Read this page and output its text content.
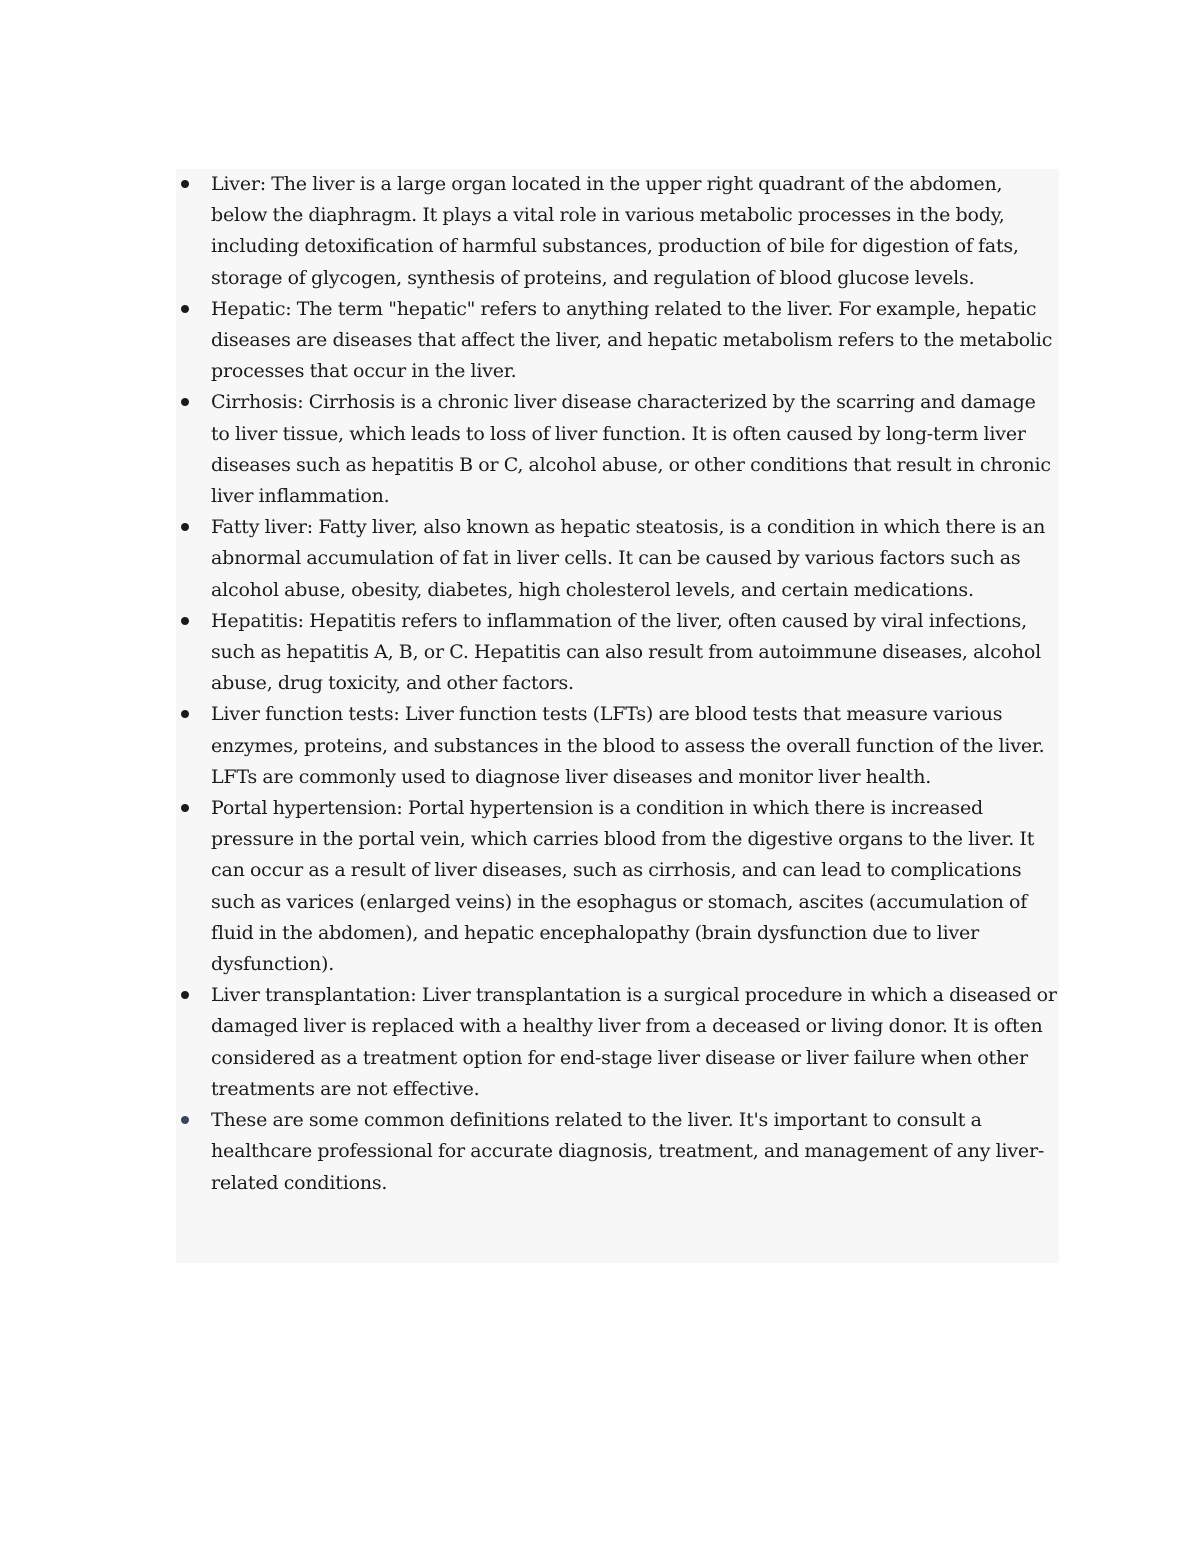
Liver: The liver is a large organ located in the upper right quadrant of the abdomen, below the diaphragm. It plays a vital role in various metabolic processes in the body, including detoxification of harmful substances, production of bile for digestion of fats, storage of glycogen, synthesis of proteins, and regulation of blood glucose levels.
Hepatic: The term "hepatic" refers to anything related to the liver. For example, hepatic diseases are diseases that affect the liver, and hepatic metabolism refers to the metabolic processes that occur in the liver.
Cirrhosis: Cirrhosis is a chronic liver disease characterized by the scarring and damage to liver tissue, which leads to loss of liver function. It is often caused by long-term liver diseases such as hepatitis B or C, alcohol abuse, or other conditions that result in chronic liver inflammation.
Fatty liver: Fatty liver, also known as hepatic steatosis, is a condition in which there is an abnormal accumulation of fat in liver cells. It can be caused by various factors such as alcohol abuse, obesity, diabetes, high cholesterol levels, and certain medications.
Hepatitis: Hepatitis refers to inflammation of the liver, often caused by viral infections, such as hepatitis A, B, or C. Hepatitis can also result from autoimmune diseases, alcohol abuse, drug toxicity, and other factors.
Liver function tests: Liver function tests (LFTs) are blood tests that measure various enzymes, proteins, and substances in the blood to assess the overall function of the liver. LFTs are commonly used to diagnose liver diseases and monitor liver health.
Portal hypertension: Portal hypertension is a condition in which there is increased pressure in the portal vein, which carries blood from the digestive organs to the liver. It can occur as a result of liver diseases, such as cirrhosis, and can lead to complications such as varices (enlarged veins) in the esophagus or stomach, ascites (accumulation of fluid in the abdomen), and hepatic encephalopathy (brain dysfunction due to liver dysfunction).
Liver transplantation: Liver transplantation is a surgical procedure in which a diseased or damaged liver is replaced with a healthy liver from a deceased or living donor. It is often considered as a treatment option for end-stage liver disease or liver failure when other treatments are not effective.
These are some common definitions related to the liver. It's important to consult a healthcare professional for accurate diagnosis, treatment, and management of any liver-related conditions.
